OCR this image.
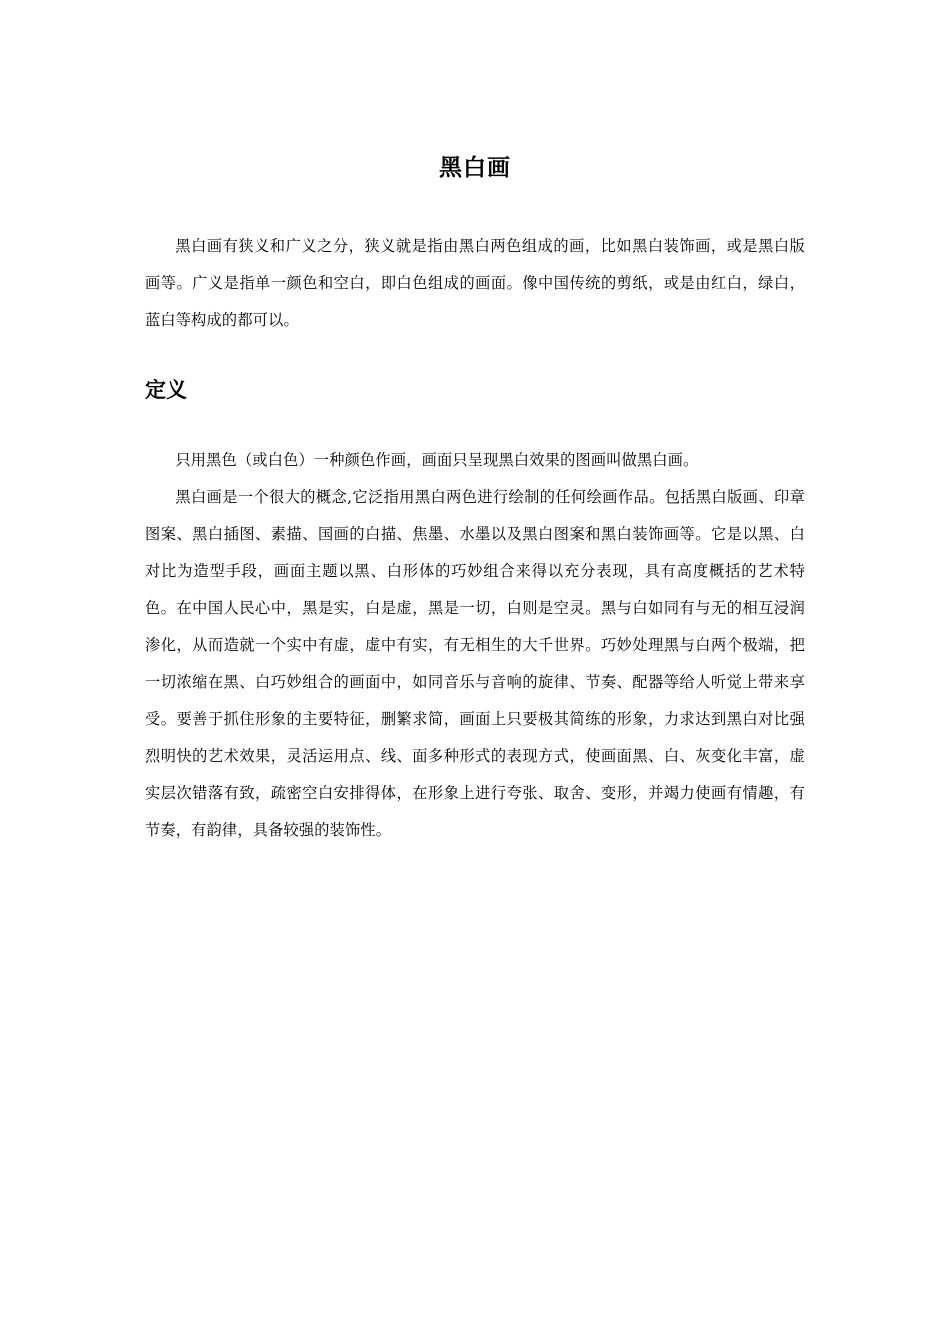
黑白画

黑白画有狭义和广义之分，狭义就是指由黑白两色组成的画，比如黑白装饰画，或是黑白版画等。广义是指单一颜色和空白，即白色组成的画面。像中国传统的剪纸，或是由红白，绿白，蓝白等构成的都可以。

定义

只用黑色（或白色）一种颜色作画，画面只呈现黑白效果的图画叫做黑白画。

黑白画是一个很大的概念,它泛指用黑白两色进行绘制的任何绘画作品。包括黑白版画、印章图案、黑白插图、素描、国画的白描、焦墨、水墨以及黑白图案和黑白装饰画等。它是以黑、白对比为造型手段，画面主题以黑、白形体的巧妙组合来得以充分表现，具有高度概括的艺术特色。在中国人民心中，黑是实，白是虚，黑是一切，白则是空灵。黑与白如同有与无的相互浸润渗化，从而造就一个实中有虚，虚中有实，有无相生的大千世界。巧妙处理黑与白两个极端，把一切浓缩在黑、白巧妙组合的画面中，如同音乐与音响的旋律、节奏、配器等给人听觉上带来享受。要善于抓住形象的主要特征，删繁求简，画面上只要极其简练的形象，力求达到黑白对比强烈明快的艺术效果，灵活运用点、线、面多种形式的表现方式，使画面黑、白、灰变化丰富，虚实层次错落有致，疏密空白安排得体，在形象上进行夸张、取舍、变形，并竭力使画有情趣，有节奏，有韵律，具备较强的装饰性。
